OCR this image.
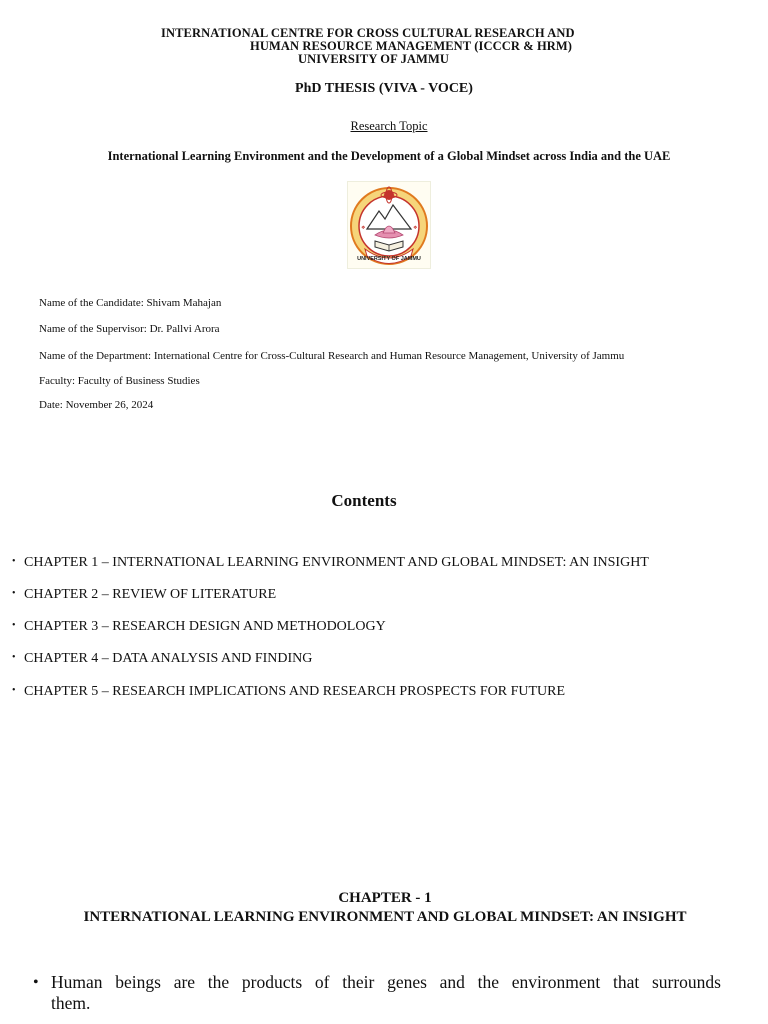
INTERNATIONAL CENTRE FOR CROSS CULTURAL RESEARCH AND
HUMAN RESOURCE MANAGEMENT (ICCCR & HRM)
UNIVERSITY OF JAMMU
PhD THESIS (VIVA - VOCE)
Research Topic
International Learning Environment and the Development of a Global Mindset across India and the UAE
UNIVERSITY OF JAMMU
❖	❖
Name of the Candidate: Shivam Mahajan
Name of the Supervisor: Dr. Pallvi Arora
Name of the Department: International Centre for Cross-Cultural Research and Human Resource Management, University of Jammu
Faculty: Faculty of Business Studies
Date: November 26, 2024
Contents
• CHAPTER 1 – INTERNATIONAL LEARNING ENVIRONMENT AND GLOBAL MINDSET: AN INSIGHT
• CHAPTER 2 – REVIEW OF LITERATURE
• CHAPTER 3 – RESEARCH DESIGN AND METHODOLOGY
• CHAPTER 4 – DATA ANALYSIS AND FINDING
• CHAPTER 5 – RESEARCH IMPLICATIONS AND RESEARCH PROSPECTS FOR FUTURE
CHAPTER - 1
INTERNATIONAL LEARNING ENVIRONMENT AND GLOBAL MINDSET: AN INSIGHT
• Human beings are the products of their genes and the environment that surrounds
them.
